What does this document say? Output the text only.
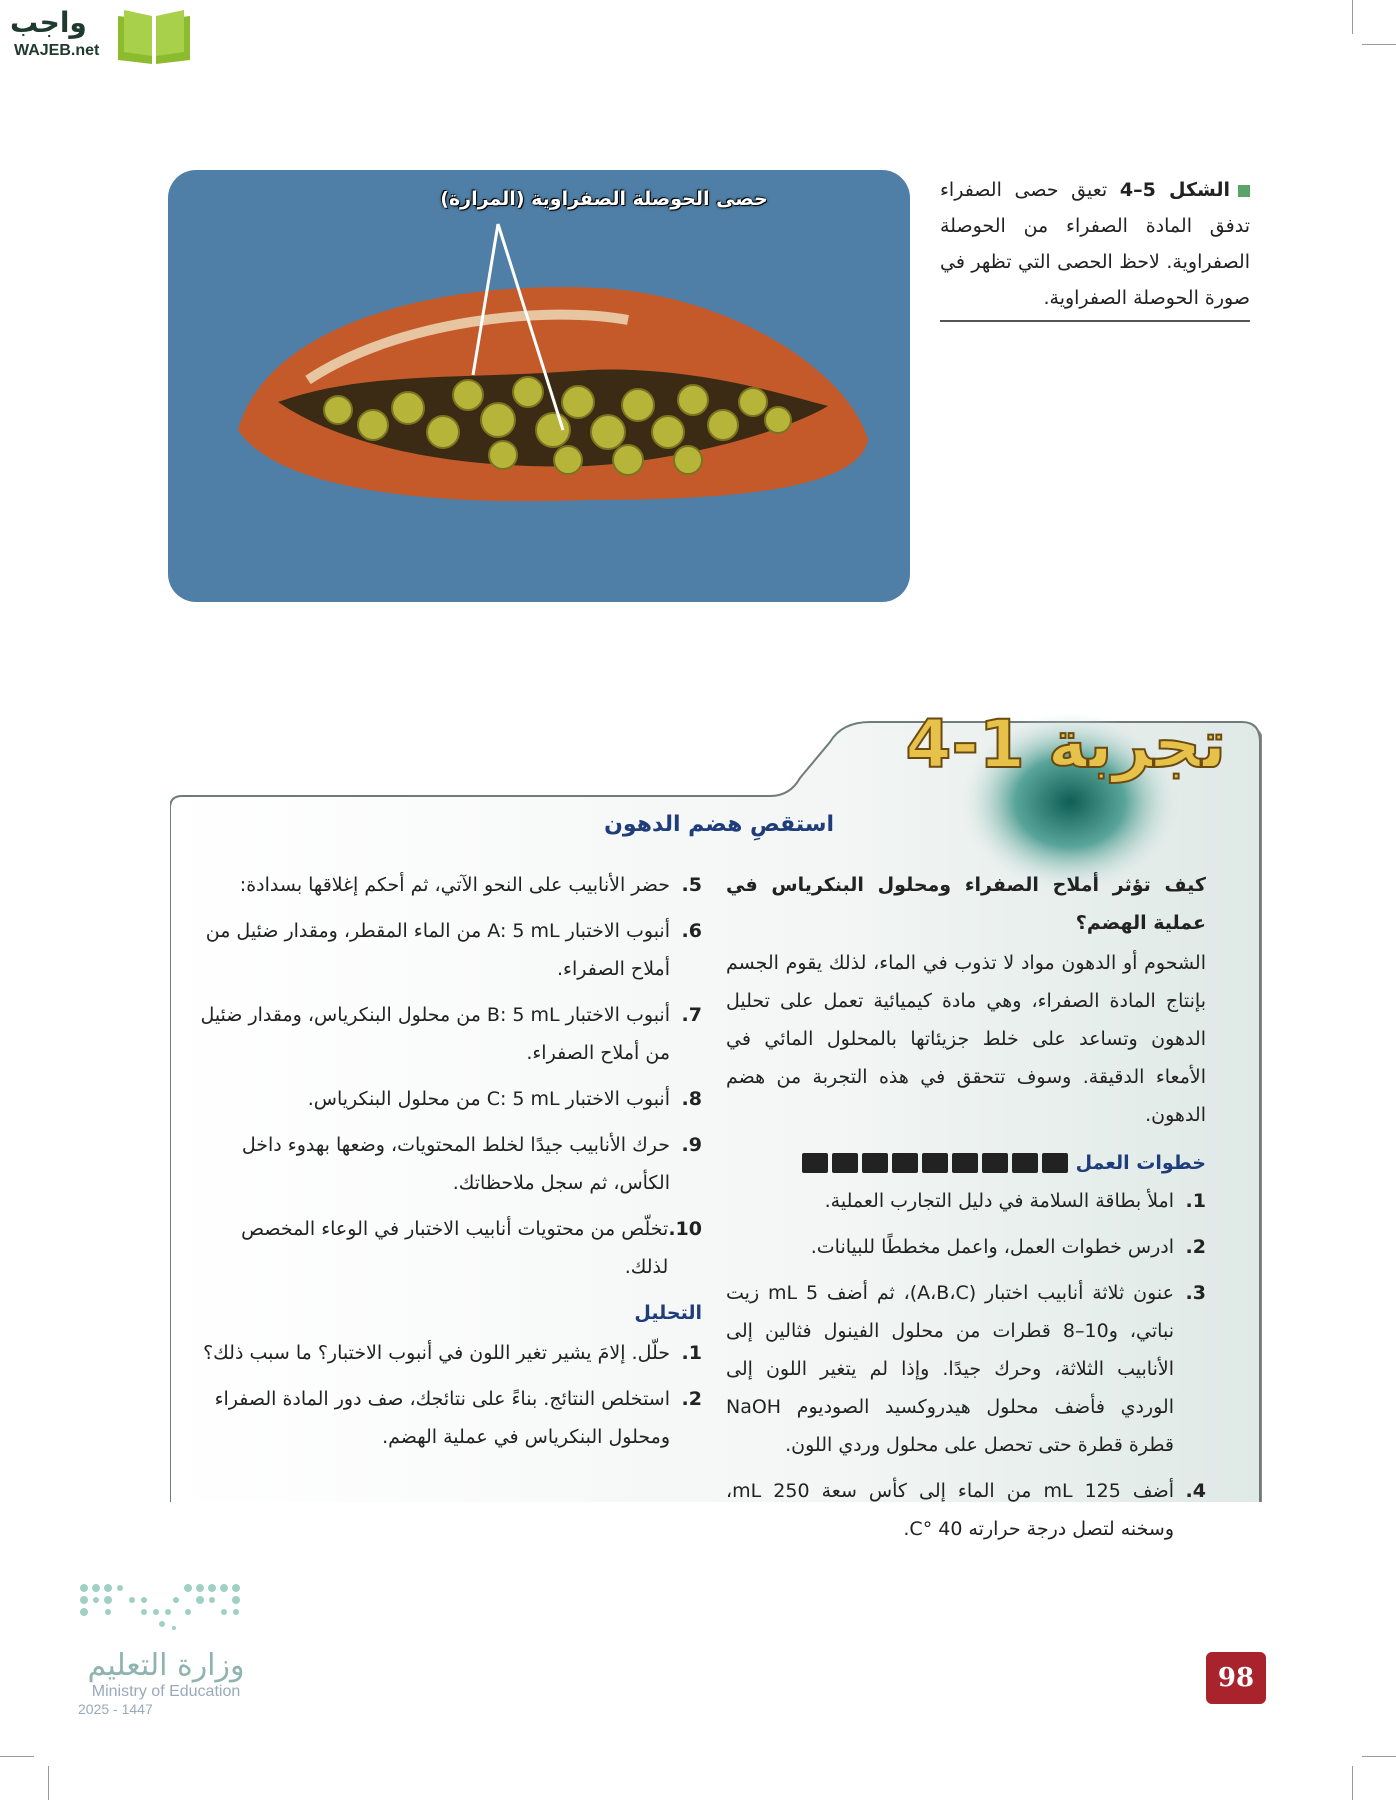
واجب
WAJEB.net
حصى الحوصلة الصفراوية (المرارة)	الشكل 5–4 تعيق حصى الصفراء تدفق المادة الصفراء من الحوصلة الصفراوية. لاحظ الحصى التي تظهر في صورة الحوصلة الصفراوية.
تجربة 1-4
استقصِ هضم الدهون

كيف تؤثر أملاح الصفراء ومحلول البنكرياس في عملية الهضم؟

الشحوم أو الدهون مواد لا تذوب في الماء، لذلك يقوم الجسم بإنتاج المادة الصفراء، وهي مادة كيميائية تعمل على تحليل الدهون وتساعد على خلط جزيئاتها بالمحلول المائي في الأمعاء الدقيقة. وسوف تتحقق في هذه التجربة من هضم الدهون.

خطوات العمل

1.
املأ بطاقة السلامة في دليل التجارب العملية.
2.
ادرس خطوات العمل، واعمل مخططًا للبيانات.
3.
عنون ثلاثة أنابيب اختبار (A،B،C)، ثم أضف 5 mL زيت نباتي، و10–8 قطرات من محلول الفينول فثالين إلى الأنابيب الثلاثة، وحرك جيدًا. وإذا لم يتغير اللون إلى الوردي فأضف محلول هيدروكسيد الصوديوم NaOH قطرة قطرة حتى تحصل على محلول وردي اللون.
4.
أضف 125 mL من الماء إلى كأس سعة 250 mL، وسخنه لتصل درجة حرارته 40 °C.
5.
حضر الأنابيب على النحو الآتي، ثم أحكم إغلاقها بسدادة:
6.
أنبوب الاختبار A: 5 mL من الماء المقطر، ومقدار ضئيل من أملاح الصفراء.
7.
أنبوب الاختبار B: 5 mL من محلول البنكرياس، ومقدار ضئيل من أملاح الصفراء.
8.
أنبوب الاختبار C: 5 mL من محلول البنكرياس.
9.
حرك الأنابيب جيدًا لخلط المحتويات، وضعها بهدوء داخل الكأس، ثم سجل ملاحظاتك.
10.
تخلّص من محتويات أنابيب الاختبار في الوعاء المخصص لذلك.

التحليل

1.
حلّل. إلامَ يشير تغير اللون في أنبوب الاختبار؟ ما سبب ذلك؟
2.
استخلص النتائج. بناءً على نتائجك، صف دور المادة الصفراء ومحلول البنكرياس في عملية الهضم.
وزارة التعليم
Ministry of Education
2025 - 1447
98
